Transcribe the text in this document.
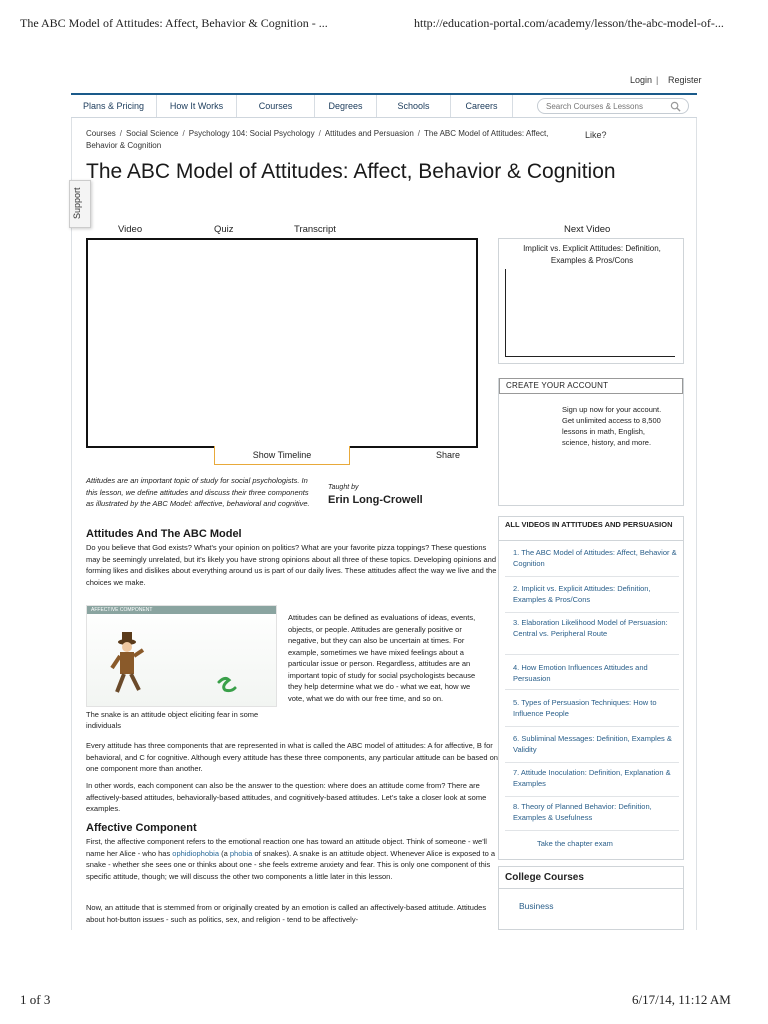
The ABC Model of Attitudes: Affect, Behavior & Cognition - ...	http://education-portal.com/academy/lesson/the-abc-model-of-...
Login | Register
Plans & Pricing	How It Works	Courses	Degrees	Schools	Careers
Search Courses & Lessons
Support
Courses / Social Science / Psychology 104: Social Psychology / Attitudes and Persuasion / The ABC Model of Attitudes: Affect, Behavior & Cognition
Like?
The ABC Model of Attitudes: Affect, Behavior & Cognition
Video	Quiz	Transcript
Show Timeline	Share
Attitudes are an important topic of study for social psychologists. In this lesson, we define attitudes and discuss their three components as illustrated by the ABC Model: affective, behavioral and cognitive.
Taught by
Erin Long-Crowell
Attitudes And The ABC Model

Do you believe that God exists? What's your opinion on politics? What are your favorite pizza toppings? These questions may be seemingly unrelated, but it's likely you have strong opinions about all three of these topics. Developing opinions and forming likes and dislikes about everything around us is part of our daily lives. These attitudes affect the way we live and the choices we make.

AFFECTIVE COMPONENT
The snake is an attitude object eliciting fear in some individuals

Attitudes can be defined as evaluations of ideas, events, objects, or people. Attitudes are generally positive or negative, but they can also be uncertain at times. For example, sometimes we have mixed feelings about a particular issue or person. Regardless, attitudes are an important topic of study for social psychologists because they help determine what we do - what we eat, how we vote, what we do with our free time, and so on.

Every attitude has three components that are represented in what is called the ABC model of attitudes: A for affective, B for behavioral, and C for cognitive. Although every attitude has these three components, any particular attitude can be based on one component more than another.

In other words, each component can also be the answer to the question: where does an attitude come from? There are affectively-based attitudes, behaviorally-based attitudes, and cognitively-based attitudes. Let's take a closer look at some examples.

Affective Component

First, the affective component refers to the emotional reaction one has toward an attitude object. Think of someone - we'll name her Alice - who has ophidiophobia (a phobia of snakes). A snake is an attitude object. Whenever Alice is exposed to a snake - whether she sees one or thinks about one - she feels extreme anxiety and fear. This is only one component of this specific attitude, though; we will discuss the other two components a little later in this lesson.

Now, an attitude that is stemmed from or originally created by an emotion is called an affectively-based attitude. Attitudes about hot-button issues - such as politics, sex, and religion - tend to be affectively-

Next Video
Implicit vs. Explicit Attitudes: Definition, Examples & Pros/Cons
CREATE YOUR ACCOUNT
Sign up now for your account. Get unlimited access to 8,500 lessons in math, English, science, history, and more.
ALL VIDEOS IN ATTITUDES AND PERSUASION
1. The ABC Model of Attitudes: Affect, Behavior & Cognition
2. Implicit vs. Explicit Attitudes: Definition, Examples & Pros/Cons
3. Elaboration Likelihood Model of Persuasion: Central vs. Peripheral Route
4. How Emotion Influences Attitudes and Persuasion
5. Types of Persuasion Techniques: How to Influence People
6. Subliminal Messages: Definition, Examples & Validity
7. Attitude Inoculation: Definition, Explanation & Examples
8. Theory of Planned Behavior: Definition, Examples & Usefulness
Take the chapter exam
College Courses
Business
1 of 3	6/17/14, 11:12 AM
